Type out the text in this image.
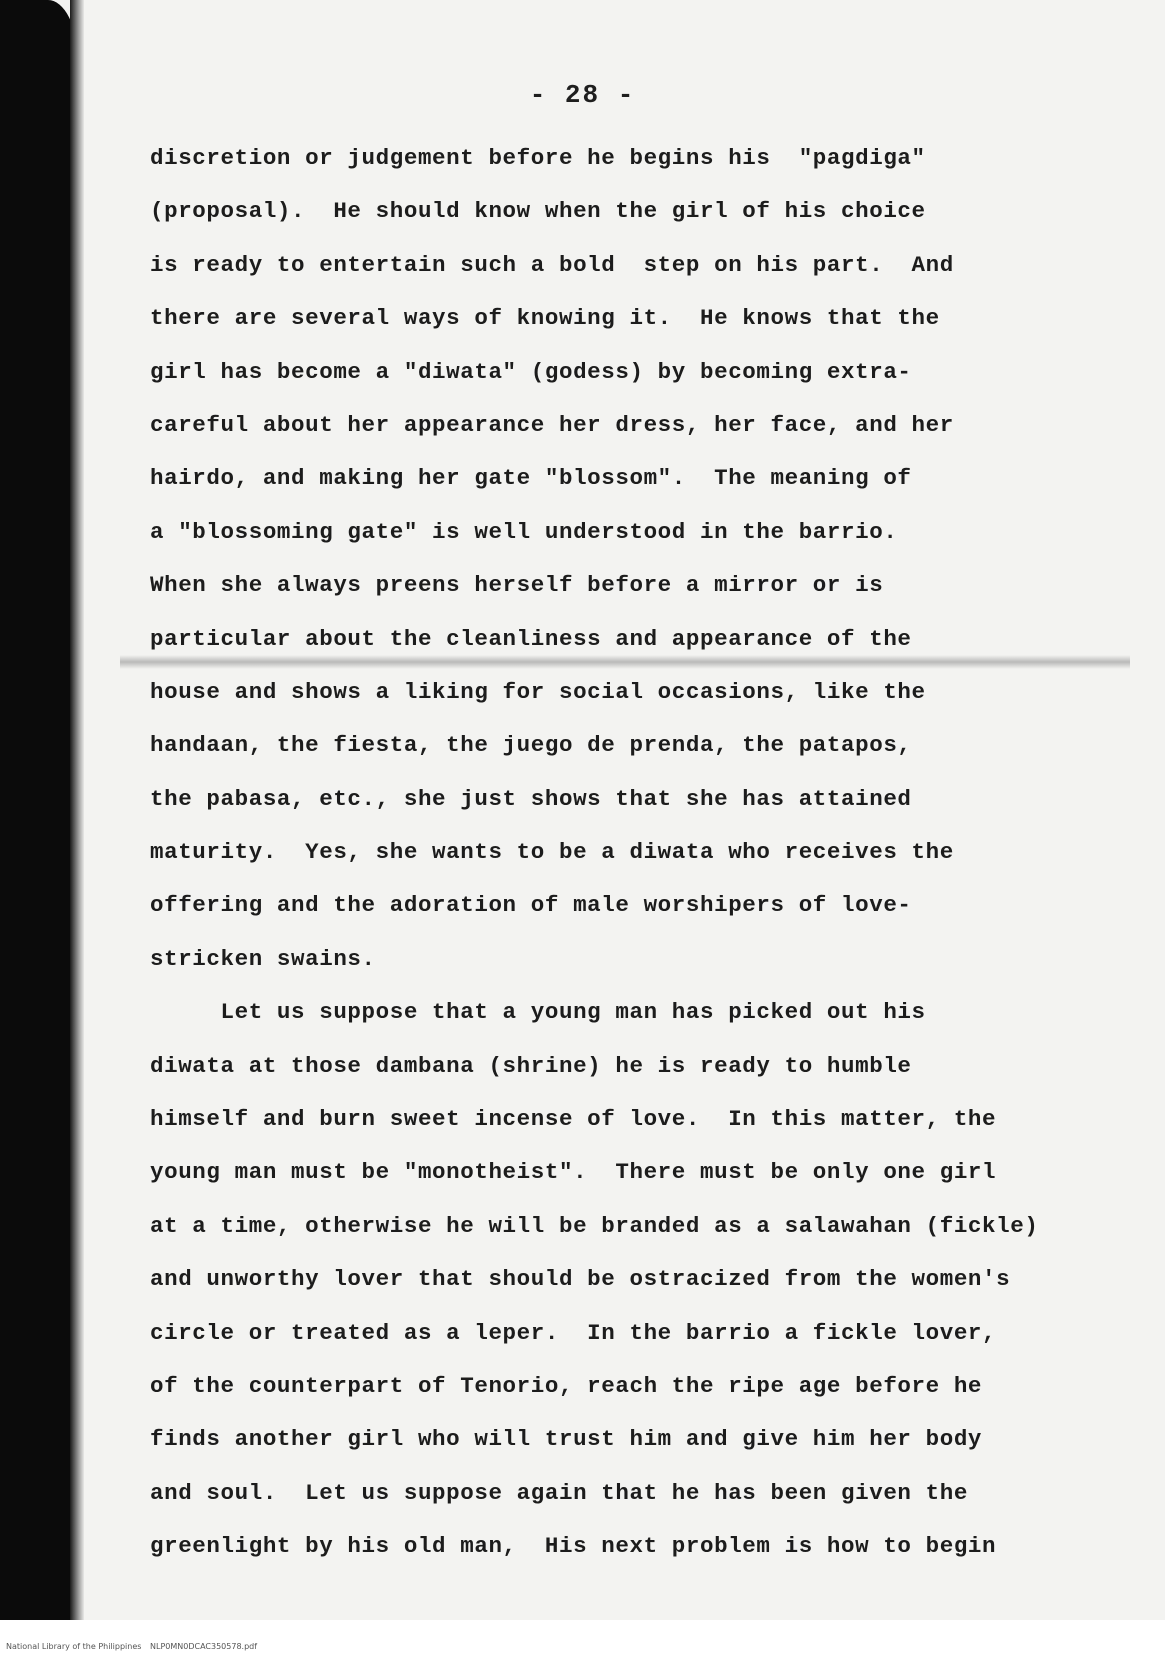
- 28 -
discretion or judgement before he begins his  "pagdiga"
(proposal).  He should know when the girl of his choice
is ready to entertain such a bold  step on his part.  And
there are several ways of knowing it.  He knows that the
girl has become a "diwata" (godess) by becoming extra-
careful about her appearance her dress, her face, and her
hairdo, and making her gate "blossom".  The meaning of
a "blossoming gate" is well understood in the barrio.
When she always preens herself before a mirror or is
particular about the cleanliness and appearance of the
house and shows a liking for social occasions, like the
handaan, the fiesta, the juego de prenda, the patapos,
the pabasa, etc., she just shows that she has attained
maturity.  Yes, she wants to be a diwata who receives the
offering and the adoration of male worshipers of love-
stricken swains.
Let us suppose that a young man has picked out his
diwata at those dambana (shrine) he is ready to humble
himself and burn sweet incense of love.  In this matter, the
young man must be "monotheist".  There must be only one girl
at a time, otherwise he will be branded as a salawahan (fickle)
and unworthy lover that should be ostracized from the women's
circle or treated as a leper.  In the barrio a fickle lover,
of the counterpart of Tenorio, reach the ripe age before he
finds another girl who will trust him and give him her body
and soul.  Let us suppose again that he has been given the
greenlight by his old man,  His next problem is how to begin
National Library of the Philippines NLP0MN0DCAC350578.pdf
